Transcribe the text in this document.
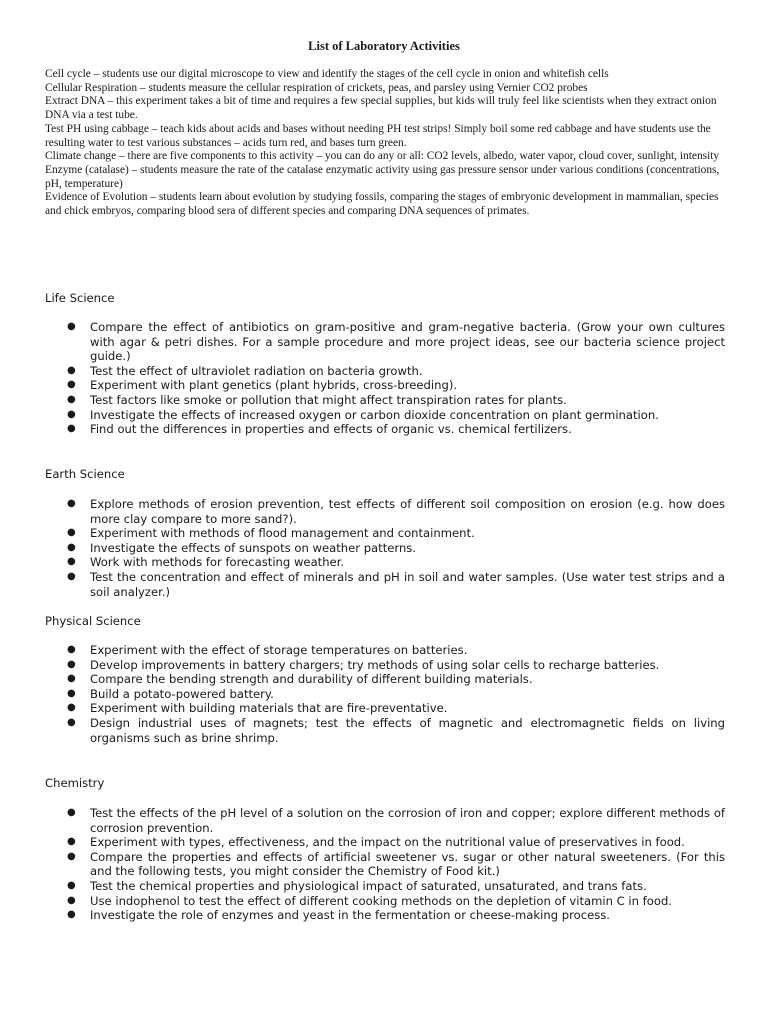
List of Laboratory Activities

Cell cycle – students use our digital microscope to view and identify the stages of the cell cycle in onion and whitefish cells

Cellular Respiration – students measure the cellular respiration of crickets, peas, and parsley using Vernier CO2 probes

Extract DNA – this experiment takes a bit of time and requires a few special supplies, but kids will truly feel like scientists when they extract onion DNA via a test tube.

Test PH using cabbage – teach kids about acids and bases without needing PH test strips! Simply boil some red cabbage and have students use the resulting water to test various substances – acids turn red, and bases turn green.

Climate change – there are five components to this activity – you can do any or all: CO2 levels, albedo, water vapor, cloud cover, sunlight, intensity

Enzyme (catalase) – students measure the rate of the catalase enzymatic activity using gas pressure sensor under various conditions (concentrations, pH, temperature)

Evidence of Evolution – students learn about evolution by studying fossils, comparing the stages of embryonic development in mammalian, species and chick embryos, comparing blood sera of different species and comparing DNA sequences of primates.

Life Science
● Compare the effect of antibiotics on gram-positive and gram-negative bacteria. (Grow your own cultures with agar & petri dishes. For a sample procedure and more project ideas, see our bacteria science project guide.)
● Test the effect of ultraviolet radiation on bacteria growth.
● Experiment with plant genetics (plant hybrids, cross-breeding).
● Test factors like smoke or pollution that might affect transpiration rates for plants.
● Investigate the effects of increased oxygen or carbon dioxide concentration on plant germination.
● Find out the differences in properties and effects of organic vs. chemical fertilizers.
Earth Science
● Explore methods of erosion prevention, test effects of different soil composition on erosion (e.g. how does more clay compare to more sand?).
● Experiment with methods of flood management and containment.
● Investigate the effects of sunspots on weather patterns.
● Work with methods for forecasting weather.
● Test the concentration and effect of minerals and pH in soil and water samples. (Use water test strips and a soil analyzer.)
Physical Science
● Experiment with the effect of storage temperatures on batteries.
● Develop improvements in battery chargers; try methods of using solar cells to recharge batteries.
● Compare the bending strength and durability of different building materials.
● Build a potato-powered battery.
● Experiment with building materials that are fire-preventative.
● Design industrial uses of magnets; test the effects of magnetic and electromagnetic fields on living organisms such as brine shrimp.
Chemistry
● Test the effects of the pH level of a solution on the corrosion of iron and copper; explore different methods of corrosion prevention.
● Experiment with types, effectiveness, and the impact on the nutritional value of preservatives in food.
● Compare the properties and effects of artificial sweetener vs. sugar or other natural sweeteners. (For this and the following tests, you might consider the Chemistry of Food kit.)
● Test the chemical properties and physiological impact of saturated, unsaturated, and trans fats.
● Use indophenol to test the effect of different cooking methods on the depletion of vitamin C in food.
● Investigate the role of enzymes and yeast in the fermentation or cheese-making process.
